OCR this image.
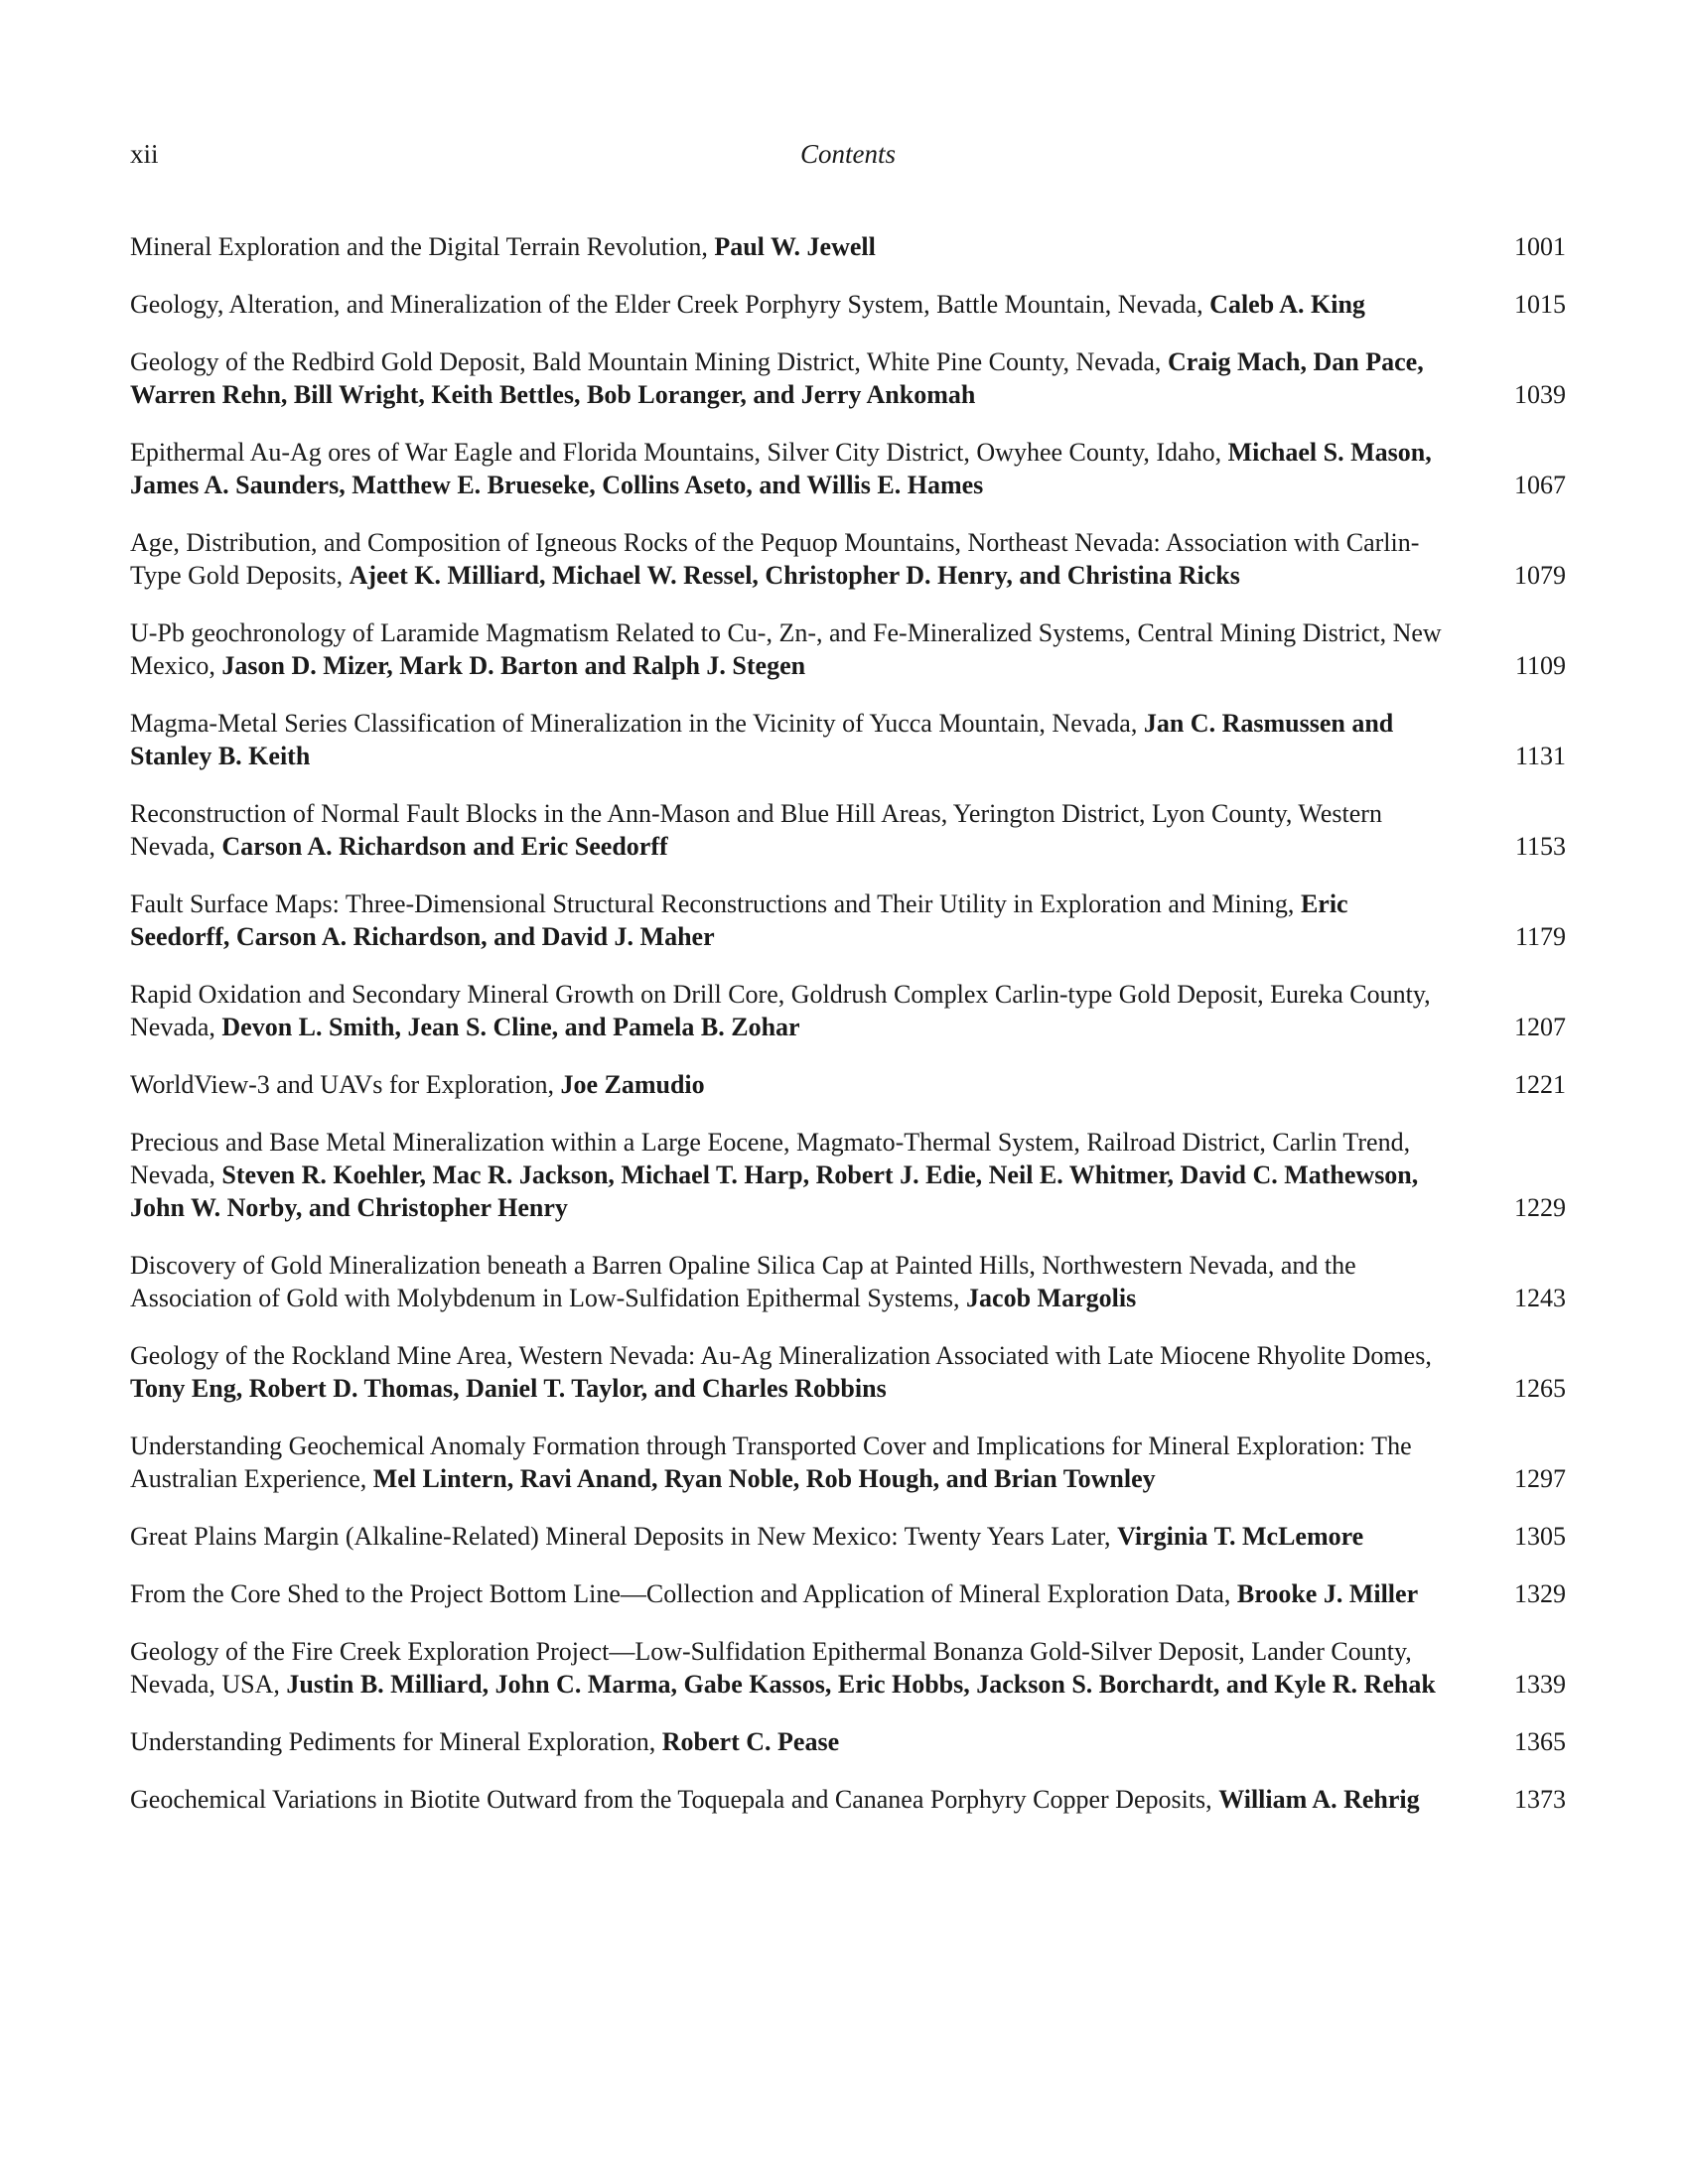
xii	Contents
Mineral Exploration and the Digital Terrain Revolution, Paul W. Jewell	1001
Geology, Alteration, and Mineralization of the Elder Creek Porphyry System, Battle Mountain, Nevada, Caleb A. King	1015
Geology of the Redbird Gold Deposit, Bald Mountain Mining District, White Pine County, Nevada, Craig Mach, Dan Pace, Warren Rehn, Bill Wright, Keith Bettles, Bob Loranger, and Jerry Ankomah	1039
Epithermal Au-Ag ores of War Eagle and Florida Mountains, Silver City District, Owyhee County, Idaho, Michael S. Mason, James A. Saunders, Matthew E. Brueseke, Collins Aseto, and Willis E. Hames	1067
Age, Distribution, and Composition of Igneous Rocks of the Pequop Mountains, Northeast Nevada: Association with Carlin-Type Gold Deposits, Ajeet K. Milliard, Michael W. Ressel, Christopher D. Henry, and Christina Ricks	1079
U-Pb geochronology of Laramide Magmatism Related to Cu-, Zn-, and Fe-Mineralized Systems, Central Mining District, New Mexico, Jason D. Mizer, Mark D. Barton and Ralph J. Stegen	1109
Magma-Metal Series Classification of Mineralization in the Vicinity of Yucca Mountain, Nevada, Jan C. Rasmussen and Stanley B. Keith	1131
Reconstruction of Normal Fault Blocks in the Ann-Mason and Blue Hill Areas, Yerington District, Lyon County, Western Nevada, Carson A. Richardson and Eric Seedorff	1153
Fault Surface Maps: Three-Dimensional Structural Reconstructions and Their Utility in Exploration and Mining, Eric Seedorff, Carson A. Richardson, and David J. Maher	1179
Rapid Oxidation and Secondary Mineral Growth on Drill Core, Goldrush Complex Carlin-type Gold Deposit, Eureka County, Nevada, Devon L. Smith, Jean S. Cline, and Pamela B. Zohar	1207
WorldView-3 and UAVs for Exploration, Joe Zamudio	1221
Precious and Base Metal Mineralization within a Large Eocene, Magmato-Thermal System, Railroad District, Carlin Trend, Nevada, Steven R. Koehler, Mac R. Jackson, Michael T. Harp, Robert J. Edie, Neil E. Whitmer, David C. Mathewson, John W. Norby, and Christopher Henry	1229
Discovery of Gold Mineralization beneath a Barren Opaline Silica Cap at Painted Hills, Northwestern Nevada, and the Association of Gold with Molybdenum in Low-Sulfidation Epithermal Systems, Jacob Margolis	1243
Geology of the Rockland Mine Area, Western Nevada: Au-Ag Mineralization Associated with Late Miocene Rhyolite Domes, Tony Eng, Robert D. Thomas, Daniel T. Taylor, and Charles Robbins	1265
Understanding Geochemical Anomaly Formation through Transported Cover and Implications for Mineral Exploration: The Australian Experience, Mel Lintern, Ravi Anand, Ryan Noble, Rob Hough, and Brian Townley	1297
Great Plains Margin (Alkaline-Related) Mineral Deposits in New Mexico: Twenty Years Later, Virginia T. McLemore	1305
From the Core Shed to the Project Bottom Line—Collection and Application of Mineral Exploration Data, Brooke J. Miller	1329
Geology of the Fire Creek Exploration Project—Low-Sulfidation Epithermal Bonanza Gold-Silver Deposit, Lander County, Nevada, USA, Justin B. Milliard, John C. Marma, Gabe Kassos, Eric Hobbs, Jackson S. Borchardt, and Kyle R. Rehak	1339
Understanding Pediments for Mineral Exploration, Robert C. Pease	1365
Geochemical Variations in Biotite Outward from the Toquepala and Cananea Porphyry Copper Deposits, William A. Rehrig	1373
